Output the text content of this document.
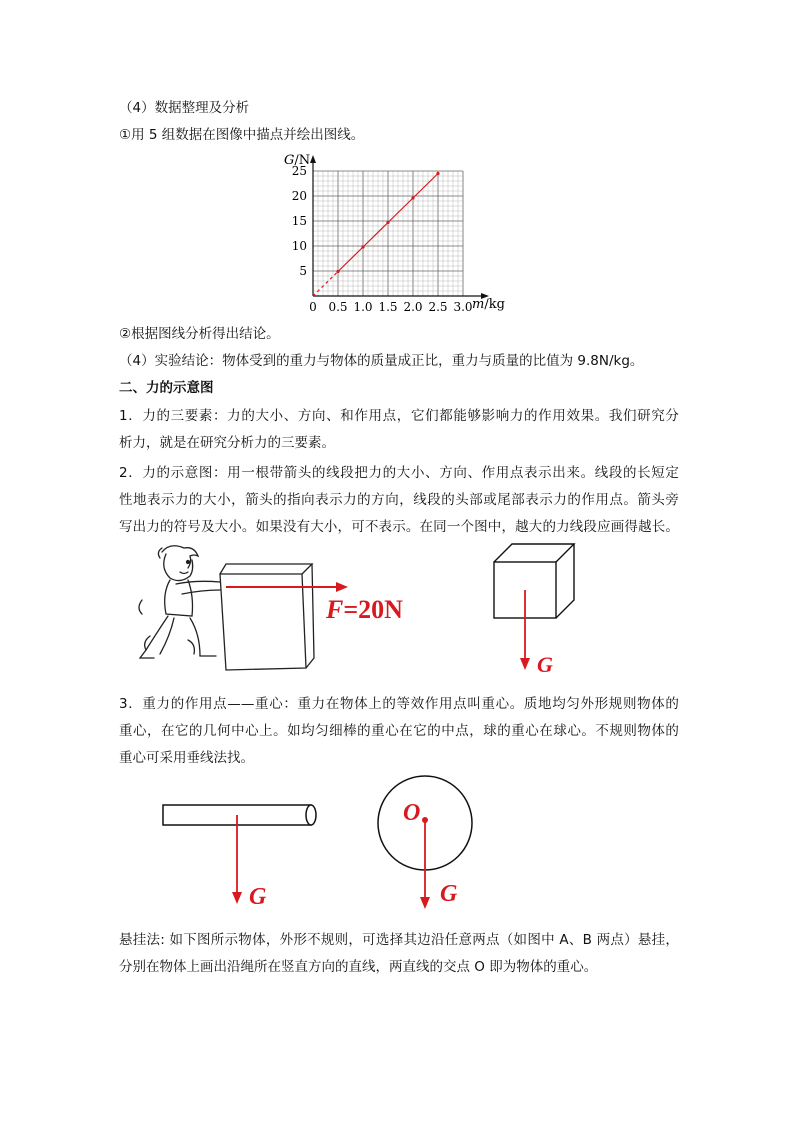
（4）数据整理及分析
①用 5 组数据在图像中描点并绘出图线。
0 0.5 1.0 1.5 2.0 2.5 3.0
5
10
15
20
25
G/N
m/kg
②根据图线分析得出结论。
（4）实验结论：物体受到的重力与物体的质量成正比，重力与质量的比值为 9.8N/kg。
二、力的示意图
1．力的三要素：力的大小、方向、和作用点，它们都能够影响力的作用效果。我们研究分
析力，就是在研究分析力的三要素。
2．力的示意图：用一根带箭头的线段把力的大小、方向、作用点表示出来。线段的长短定
性地表示力的大小，箭头的指向表示力的方向，线段的头部或尾部表示力的作用点。箭头旁
写出力的符号及大小。如果没有大小，可不表示。在同一个图中，越大的力线段应画得越长。
F=20N
G
3．重力的作用点——重心：重力在物体上的等效作用点叫重心。质地均匀外形规则物体的
重心，在它的几何中心上。如均匀细棒的重心在它的中点，球的重心在球心。不规则物体的
重心可采用垂线法找。
G
O
G
悬挂法: 如下图所示物体，外形不规则，可选择其边沿任意两点（如图中 A、B 两点）悬挂，
分别在物体上画出沿绳所在竖直方向的直线，两直线的交点 O 即为物体的重心。
